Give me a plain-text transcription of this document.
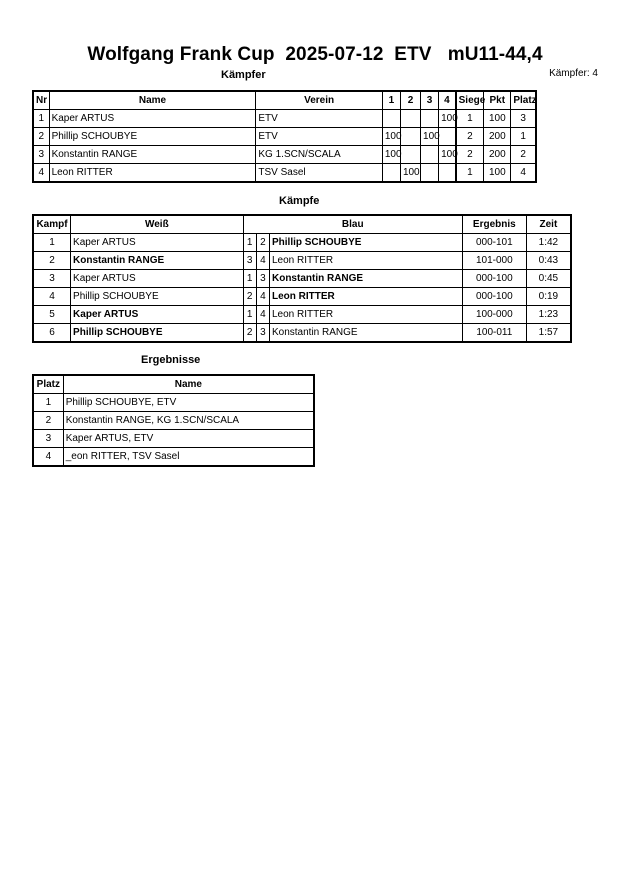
Wolfgang Frank Cup  2025-07-12  ETV   mU11-44,4
Kämpfer: 4
Kämpfer
Nr	Name	Verein	1	2	3	4	Siege	Pkt	Platz
1	Kaper ARTUS	ETV				100	1	100	3
2	Phillip SCHOUBYE	ETV	100		100		2	200	1
3	Konstantin RANGE	KG 1.SCN/SCALA	100			100	2	200	2
4	Leon RITTER	TSV Sasel		100			1	100	4
Kämpfe
Kampf	Weiß	Blau			Ergebnis	Zeit
1	Kaper ARTUS	1	2	Phillip SCHOUBYE	000-101	1:42
2	Konstantin RANGE	3	4	Leon RITTER	101-000	0:43
3	Kaper ARTUS	1	3	Konstantin RANGE	000-100	0:45
4	Phillip SCHOUBYE	2	4	Leon RITTER	000-100	0:19
5	Kaper ARTUS	1	4	Leon RITTER	100-000	1:23
6	Phillip SCHOUBYE	2	3	Konstantin RANGE	100-011	1:57
Ergebnisse
Platz	Name
1	Phillip SCHOUBYE, ETV
2	Konstantin RANGE, KG 1.SCN/SCALA
3	Kaper ARTUS, ETV
4	_eon RITTER, TSV Sasel
